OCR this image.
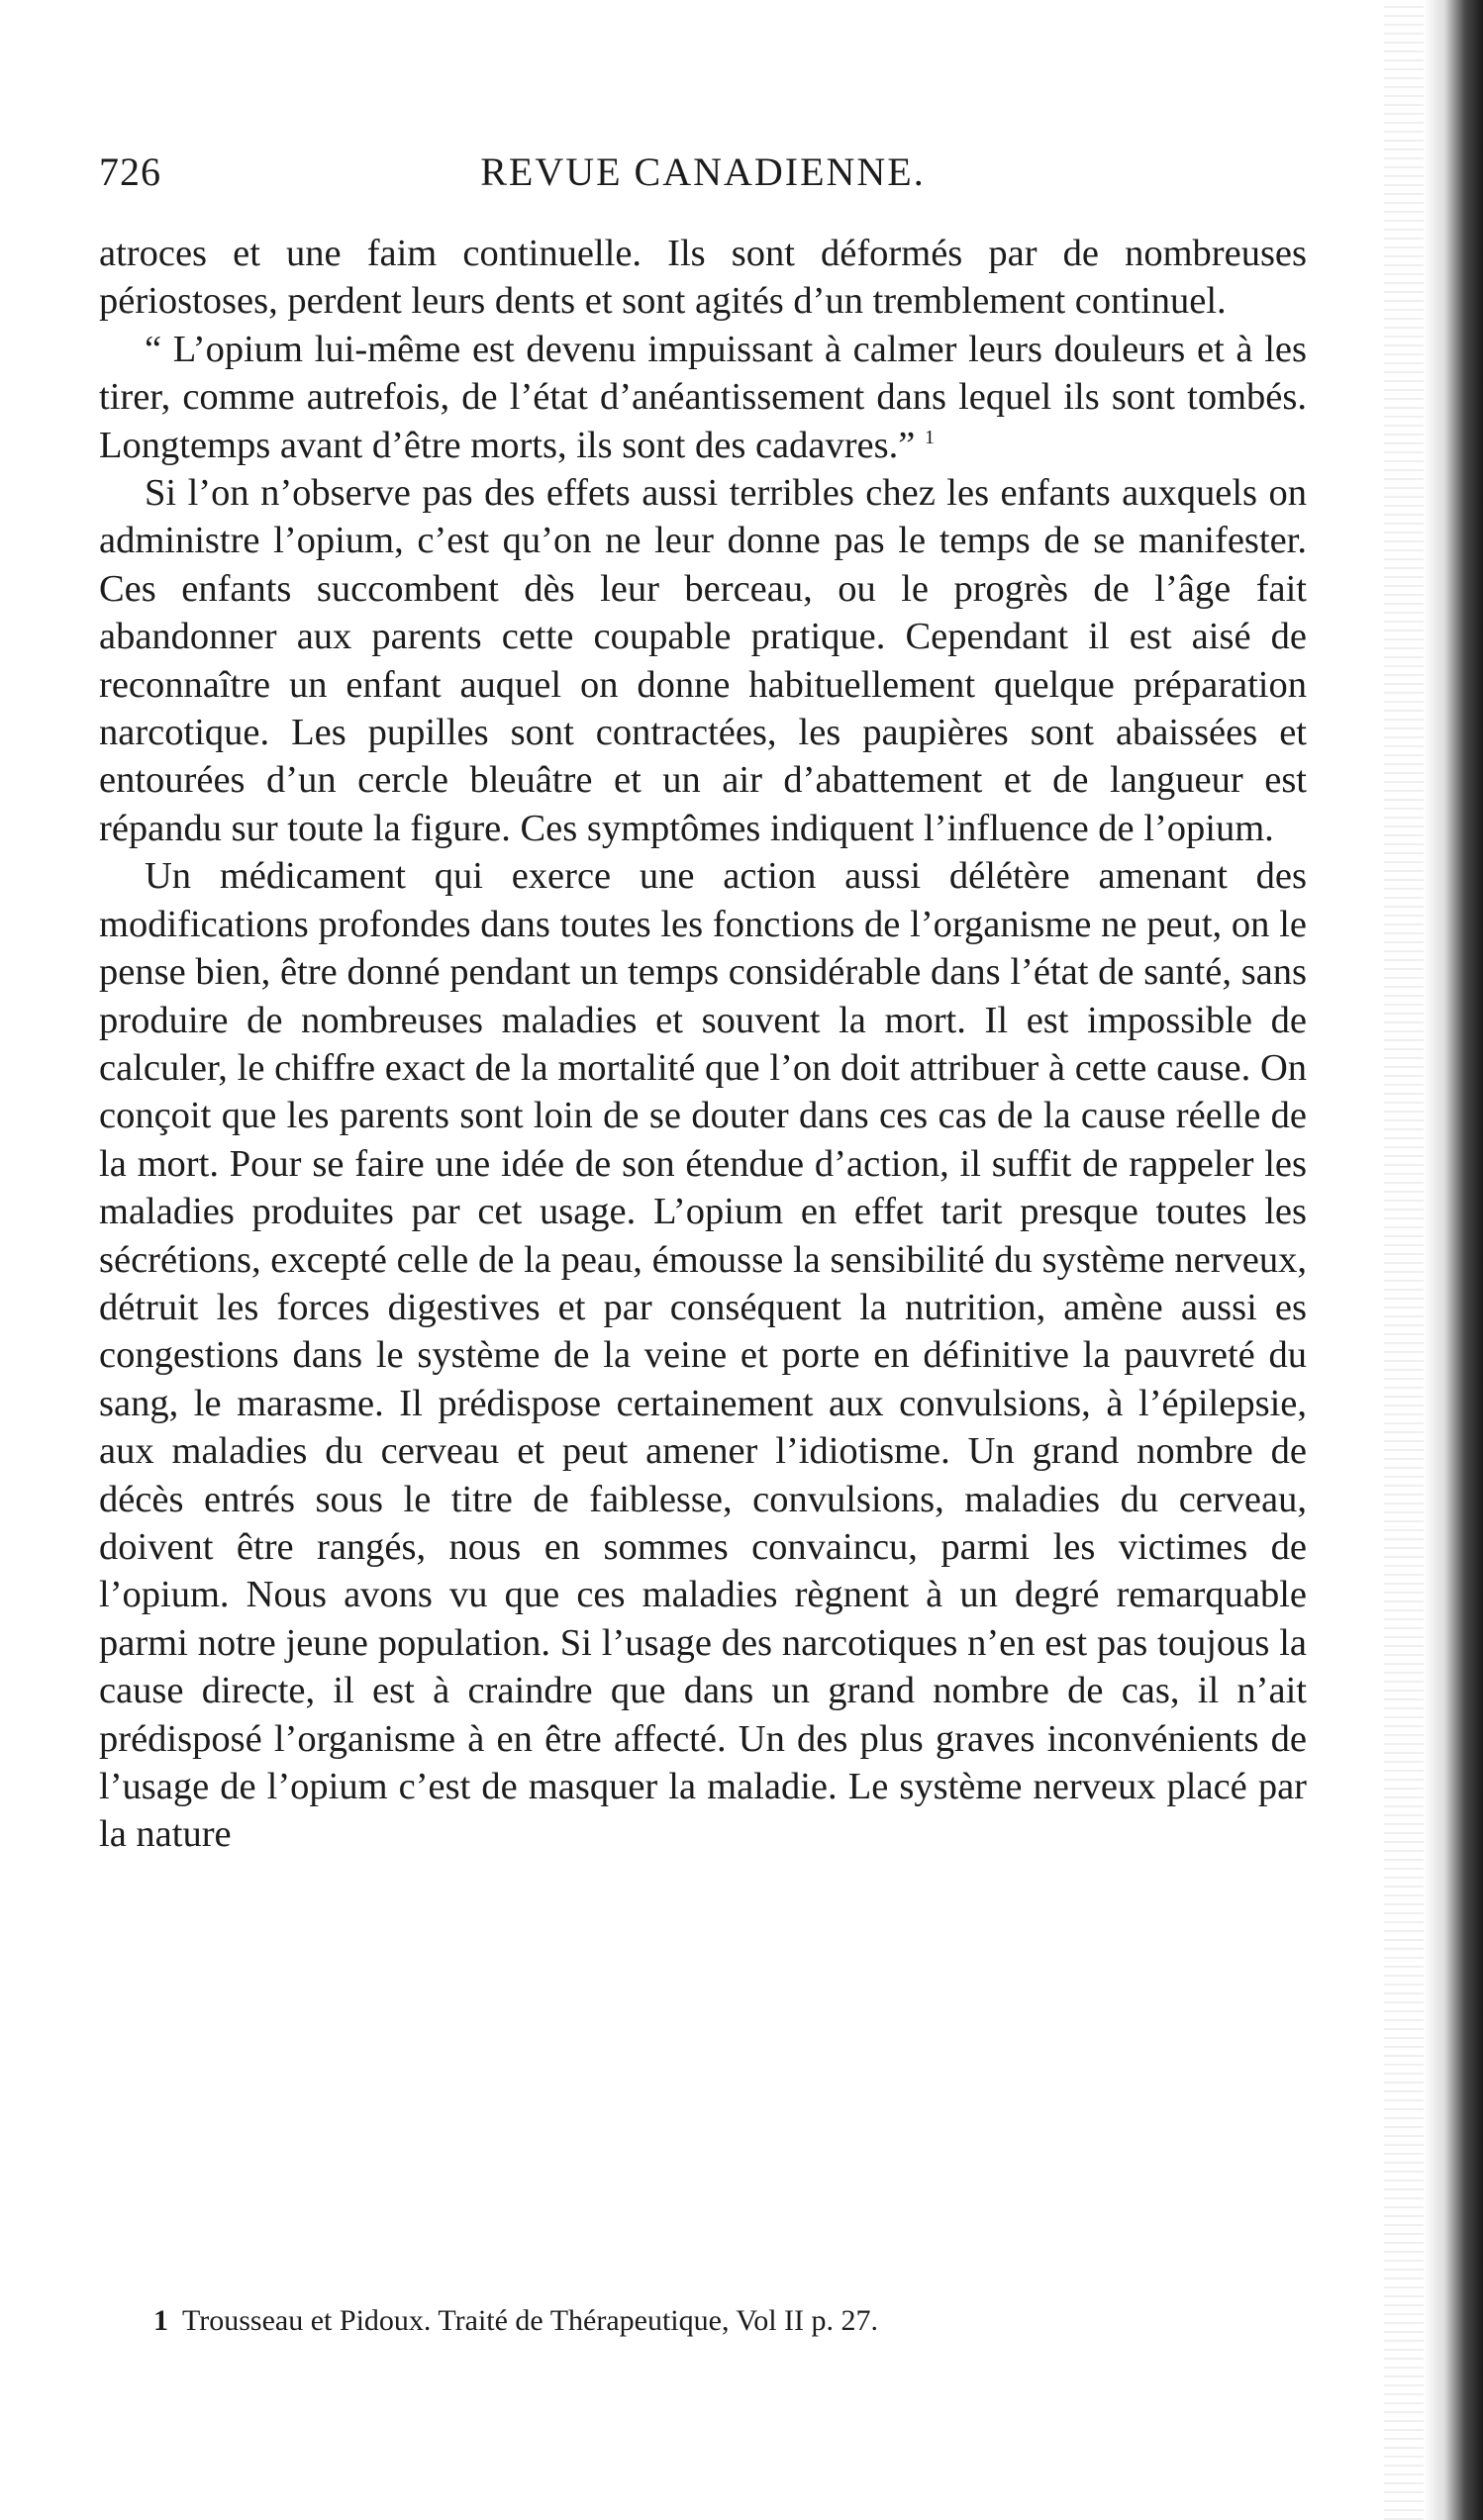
726	REVUE CANADIENNE.

atroces et une faim continuelle. Ils sont déformés par de nombreuses périostoses, perdent leurs dents et sont agités d’un tremblement continuel.

“ L’opium lui-même est devenu impuissant à calmer leurs douleurs et à les tirer, comme autrefois, de l’état d’anéantissement dans lequel ils sont tombés. Longtemps avant d’être morts, ils sont des cadavres.” $^1$

Si l’on n’observe pas des effets aussi terribles chez les enfants auxquels on administre l’opium, c’est qu’on ne leur donne pas le temps de se manifester. Ces enfants succombent dès leur berceau, ou le progrès de l’âge fait abandonner aux parents cette coupable pratique. Cependant il est aisé de reconnaître un enfant auquel on donne habituellement quelque préparation narcotique. Les pupilles sont contractées, les paupières sont abaissées et entourées d’un cercle bleuâtre et un air d’abattement et de langueur est répandu sur toute la figure. Ces symptômes indiquent l’influence de l’opium.

Un médicament qui exerce une action aussi délétère amenant des modifications profondes dans toutes les fonctions de l’organisme ne peut, on le pense bien, être donné pendant un temps considérable dans l’état de santé, sans produire de nombreuses maladies et souvent la mort. Il est impossible de calculer, le chiffre exact de la mortalité que l’on doit attribuer à cette cause. On conçoit que les parents sont loin de se douter dans ces cas de la cause réelle de la mort. Pour se faire une idée de son étendue d’action, il suffit de rappeler les maladies produites par cet usage. L’opium en effet tarit presque toutes les sécrétions, excepté celle de la peau, émousse la sensibilité du système nerveux, détruit les forces digestives et par conséquent la nutrition, amène aussi es congestions dans le système de la veine et porte en définitive la pauvreté du sang, le marasme. Il prédispose certainement aux convulsions, à l’épilepsie, aux maladies du cerveau et peut amener l’idiotisme. Un grand nombre de décès entrés sous le titre de faiblesse, convulsions, maladies du cerveau, doivent être rangés, nous en sommes convaincu, parmi les victimes de l’opium. Nous avons vu que ces maladies règnent à un degré remarquable parmi notre jeune population. Si l’usage des narcotiques n’en est pas toujous la cause directe, il est à craindre que dans un grand nombre de cas, il n’ait prédisposé l’organisme à en être affecté. Un des plus graves inconvénients de l’usage de l’opium c’est de masquer la maladie. Le système nerveux placé par la nature

1 Trousseau et Pidoux. Traité de Thérapeutique, Vol II p. 27.
